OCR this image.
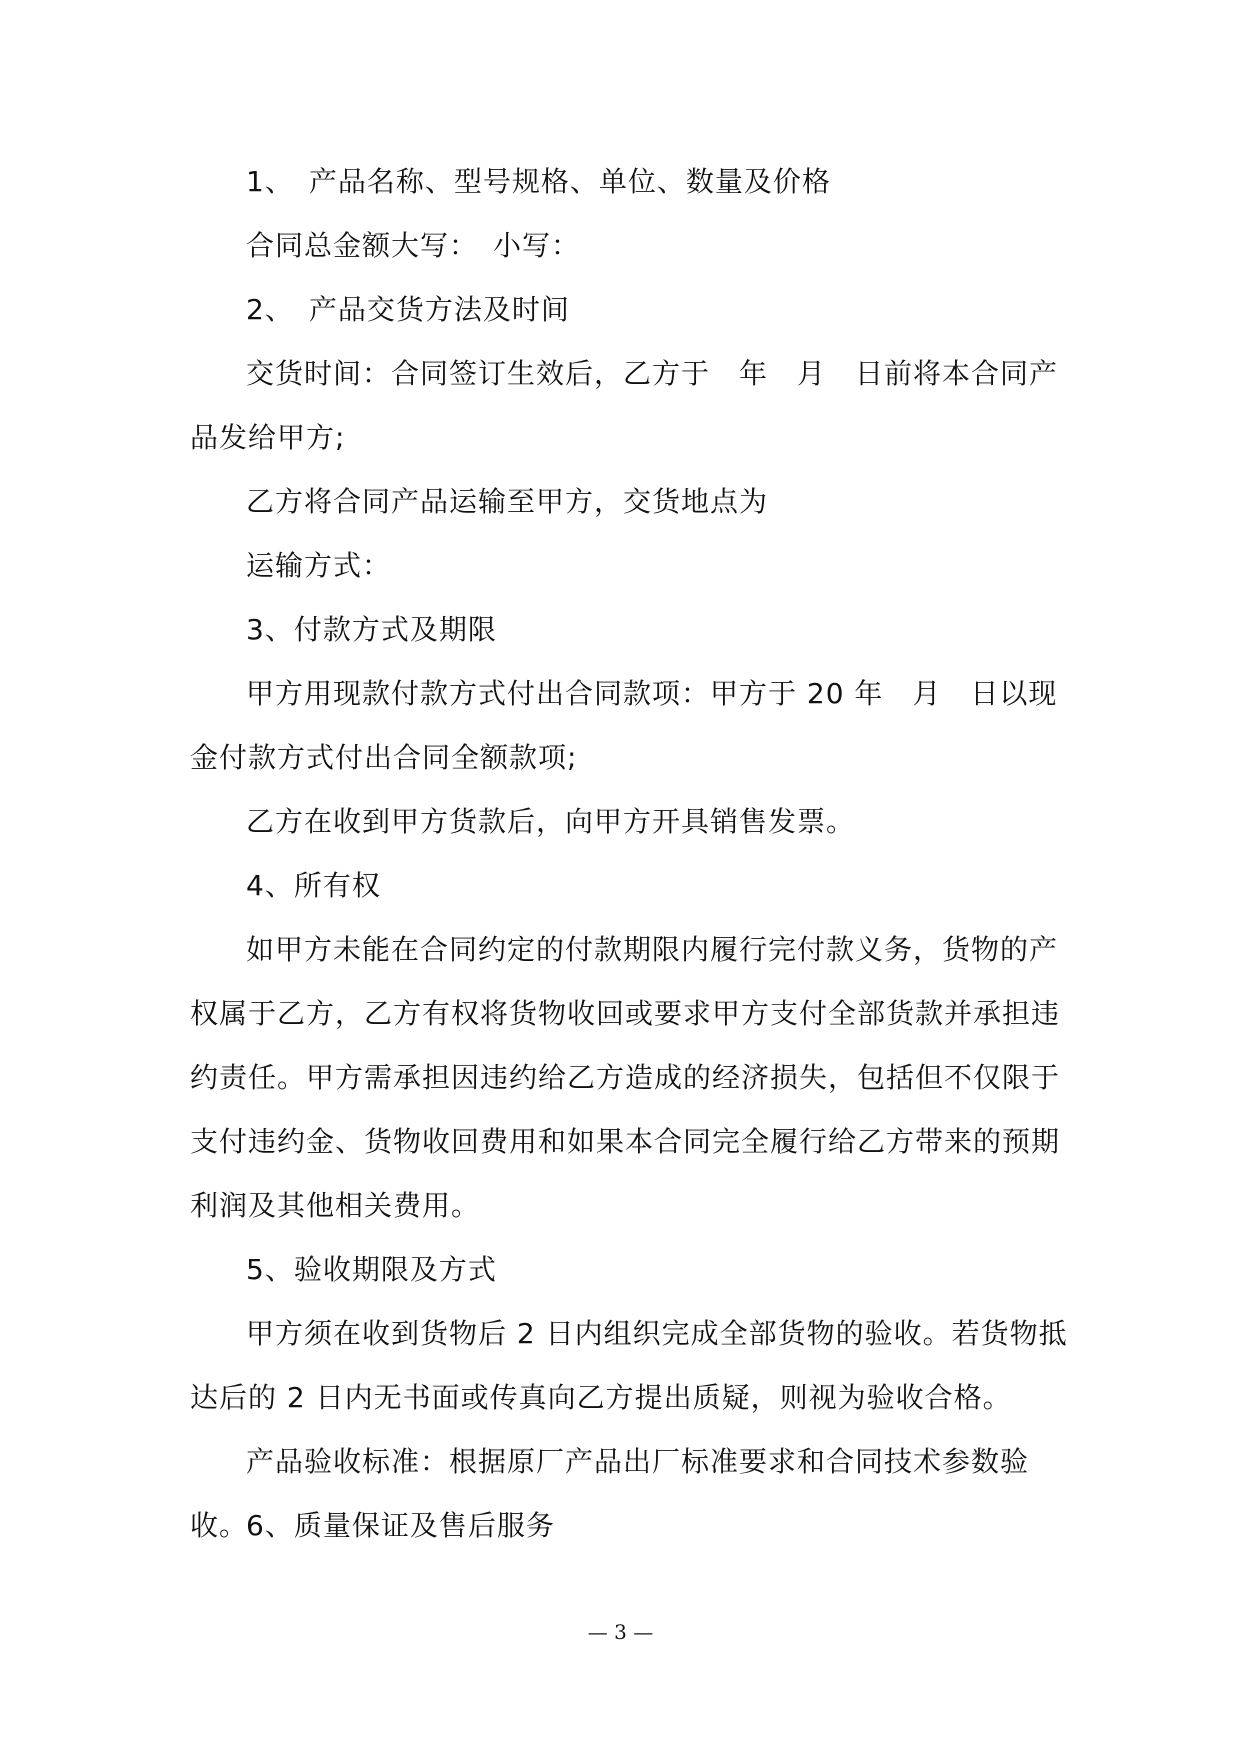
1、　产品名称、型号规格、单位、数量及价格

合同总金额大写：　小写：

2、　产品交货方法及时间

交货时间：合同签订生效后，乙方于　年　月　日前将本合同产品发给甲方;

乙方将合同产品运输至甲方，交货地点为

运输方式：

3、付款方式及期限

甲方用现款付款方式付出合同款项：甲方于 20 年　月　日以现金付款方式付出合同全额款项;

乙方在收到甲方货款后，向甲方开具销售发票。

4、所有权

如甲方未能在合同约定的付款期限内履行完付款义务，货物的产权属于乙方，乙方有权将货物收回或要求甲方支付全部货款并承担违约责任。甲方需承担因违约给乙方造成的经济损失，包括但不仅限于支付违约金、货物收回费用和如果本合同完全履行给乙方带来的预期利润及其他相关费用。

5、验收期限及方式

甲方须在收到货物后 2 日内组织完成全部货物的验收。若货物抵达后的 2 日内无书面或传真向乙方提出质疑，则视为验收合格。

产品验收标准：根据原厂产品出厂标准要求和合同技术参数验收。

6、质量保证及售后服务

— 3 —
